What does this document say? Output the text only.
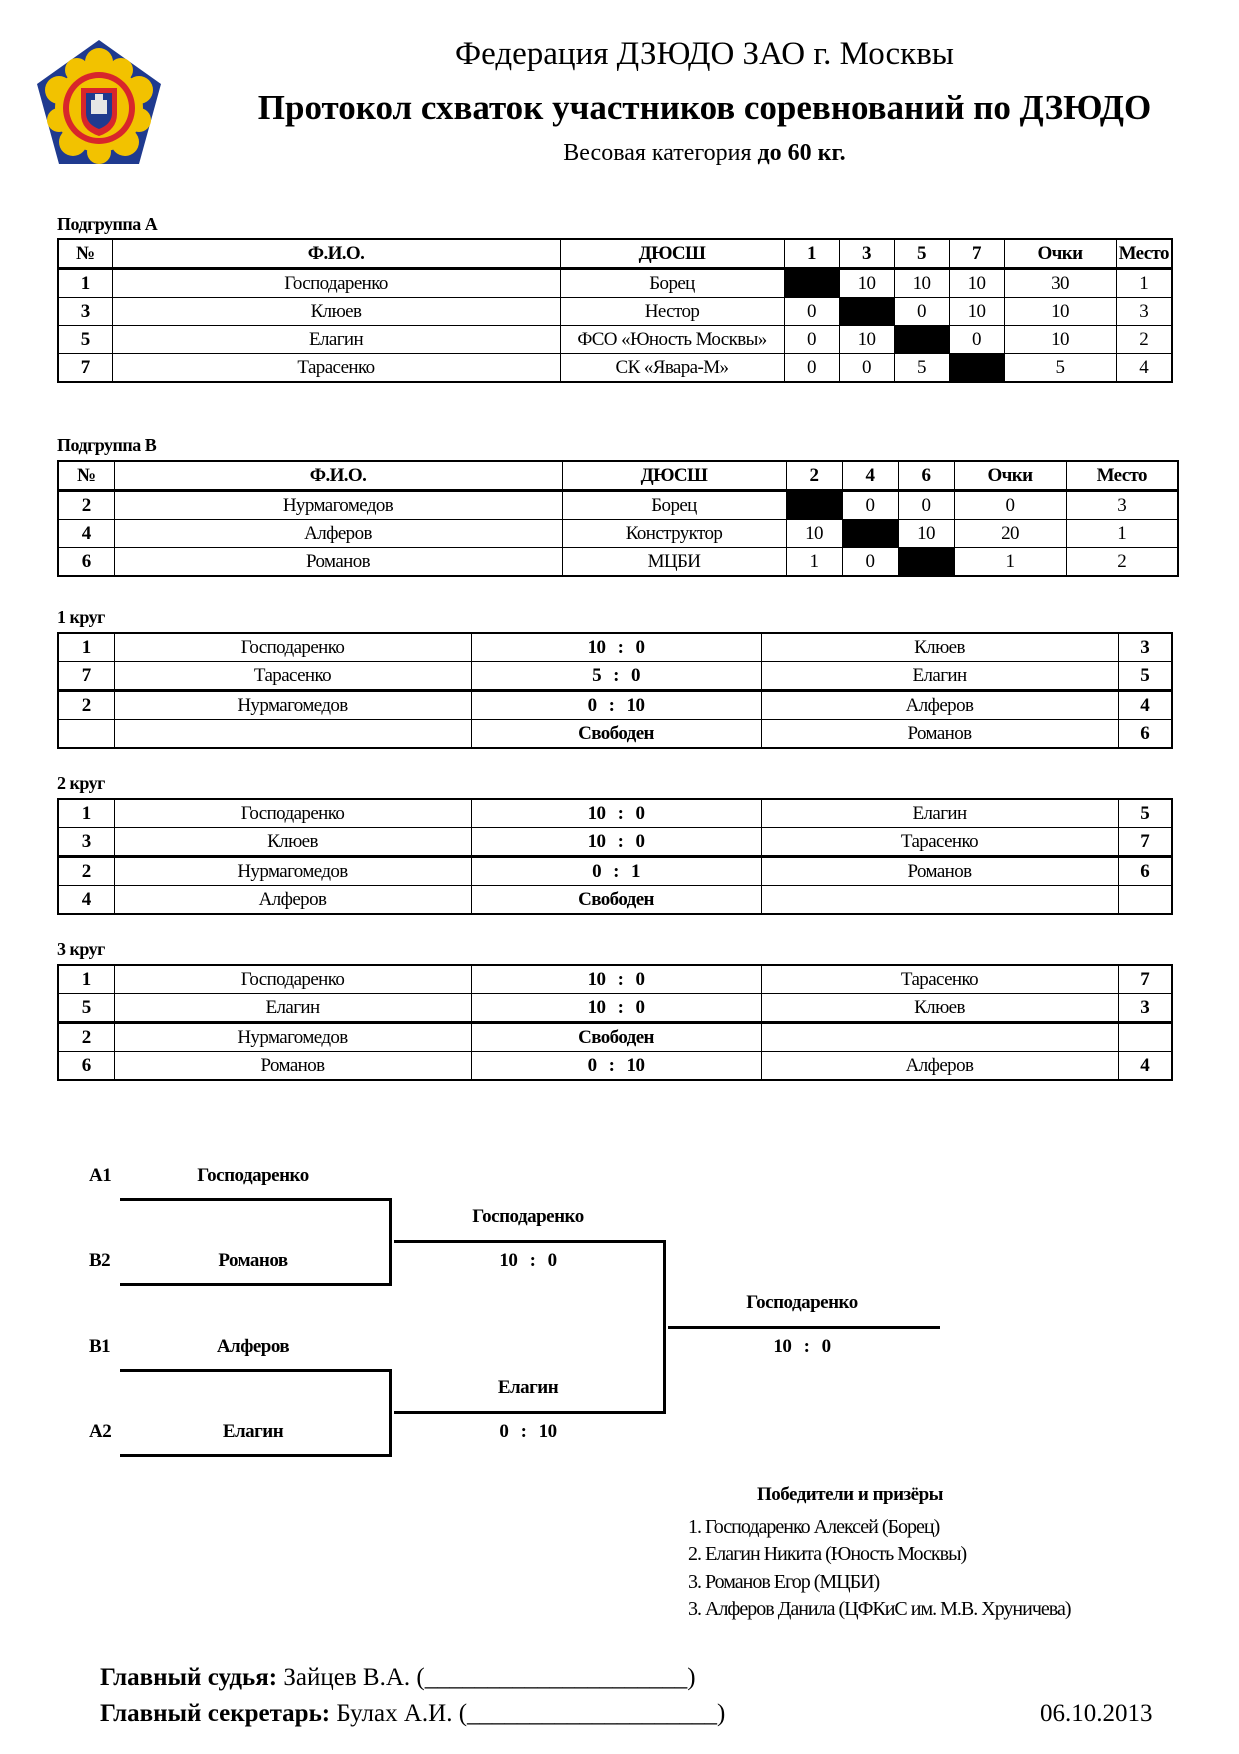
Федерация ДЗЮДО ЗАО г. Москвы
Протокол схваток участников соревнований по ДЗЮДО
Весовая категория до 60 кг.
Подгруппа А
№	Ф.И.О.	ДЮСШ	1	3	5	7	Очки	Место
1	Господаренко	Борец		10	10	10	30	1
3	Клюев	Нестор	0		0	10	10	3
5	Елагин	ФСО «Юность Москвы»	0	10		0	10	2
7	Тарасенко	СК «Явара-М»	0	0	5		5	4
Подгруппа В
№	Ф.И.О.	ДЮСШ	2	4	6	Очки	Место
2	Нурмагомедов	Борец		0	0	0	3
4	Алферов	Конструктор	10		10	20	1
6	Романов	МЦБИ	1	0		1	2
1 круг
1	Господаренко	10 : 0	Клюев	3
7	Тарасенко	5 : 0	Елагин	5
2	Нурмагомедов	0 : 10	Алферов	4
		Свободен	Романов	6
2 круг
1	Господаренко	10 : 0	Елагин	5
3	Клюев	10 : 0	Тарасенко	7
2	Нурмагомедов	0 : 1	Романов	6
4	Алферов	Свободен		
3 круг
1	Господаренко	10 : 0	Тарасенко	7
5	Елагин	10 : 0	Клюев	3
2	Нурмагомедов	Свободен		
6	Романов	0 : 10	Алферов	4
А1	Господаренко
В2	Романов
В1	Алферов
А2	Елагин
Господаренко
10 : 0
Елагин
0 : 10
Господаренко
10 : 0
Победители и призёры
1. Господаренко Алексей (Борец)
2. Елагин Никита (Юность Москвы)
3. Романов Егор (МЦБИ)
3. Алферов Данила (ЦФКиС им. М.В. Хруничева)
Главный судья: Зайцев В.А. (_____________________)
Главный секретарь: Булах А.И. (____________________)	06.10.2013
